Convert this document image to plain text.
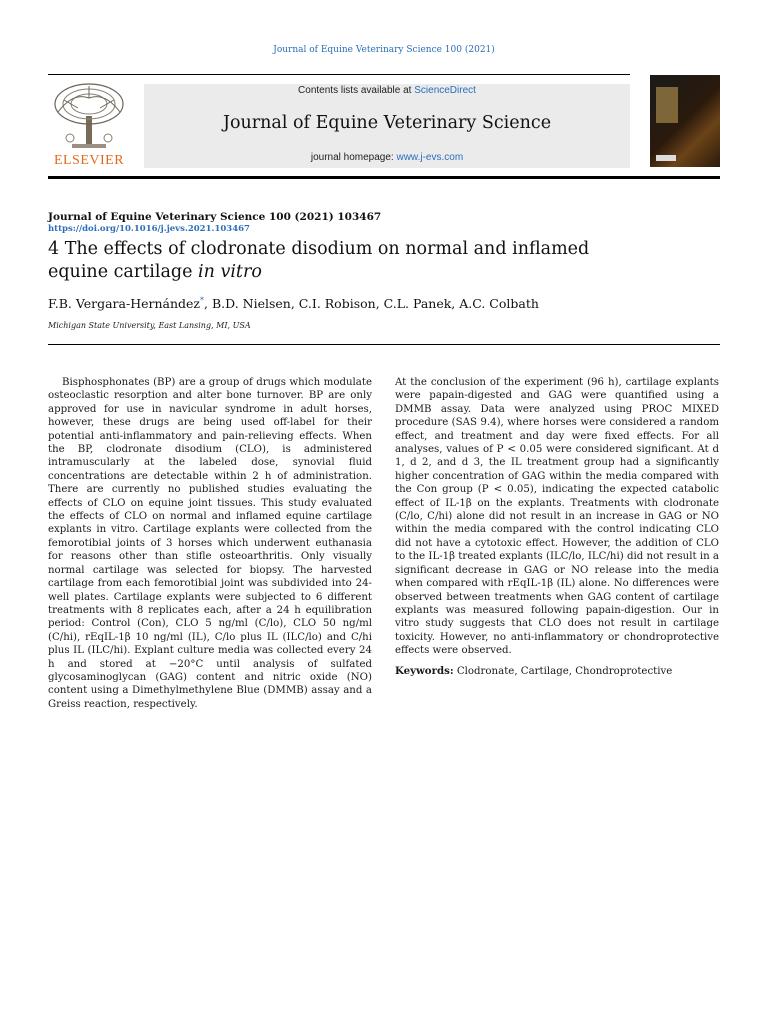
Journal of Equine Veterinary Science 100 (2021)
ELSEVIER
Contents lists available at ScienceDirect
Journal of Equine Veterinary Science
journal homepage: www.j-evs.com
Journal of Equine Veterinary Science 100 (2021) 103467
https://doi.org/10.1016/j.jevs.2021.103467
4 The effects of clodronate disodium on normal and inflamed equine cartilage in vitro
F.B. Vergara-Hernández*, B.D. Nielsen, C.I. Robison, C.L. Panek, A.C. Colbath
Michigan State University, East Lansing, MI, USA
Bisphosphonates (BP) are a group of drugs which modulate osteoclastic resorption and alter bone turnover. BP are only approved for use in navicular syndrome in adult horses, however, these drugs are being used off-label for their potential anti-inflammatory and pain-relieving effects. When the BP, clodronate disodium (CLO), is administered intramuscularly at the labeled dose, synovial fluid concentrations are detectable within 2 h of administration. There are currently no published studies evaluating the effects of CLO on equine joint tissues. This study evaluated the effects of CLO on normal and inflamed equine cartilage explants in vitro. Cartilage explants were collected from the femorotibial joints of 3 horses which underwent euthanasia for reasons other than stifle osteoarthritis. Only visually normal cartilage was selected for biopsy. The harvested cartilage from each femorotibial joint was subdivided into 24-well plates. Cartilage explants were subjected to 6 different treatments with 8 replicates each, after a 24 h equilibration period: Control (Con), CLO 5 ng/ml (C/lo), CLO 50 ng/ml (C/hi), rEqIL-1β 10 ng/ml (IL), C/lo plus IL (ILC/lo) and C/hi plus IL (ILC/hi). Explant culture media was collected every 24 h and stored at −20°C until analysis of sulfated glycosaminoglycan (GAG) content and nitric oxide (NO) content using a Dimethylmethylene Blue (DMMB) assay and a Greiss reaction, respectively.
At the conclusion of the experiment (96 h), cartilage explants were papain-digested and GAG were quantified using a DMMB assay. Data were analyzed using PROC MIXED procedure (SAS 9.4), where horses were considered a random effect, and treatment and day were fixed effects. For all analyses, values of P < 0.05 were considered significant. At d 1, d 2, and d 3, the IL treatment group had a significantly higher concentration of GAG within the media compared with the Con group (P < 0.05), indicating the expected catabolic effect of IL-1β on the explants. Treatments with clodronate (C/lo, C/hi) alone did not result in an increase in GAG or NO within the media compared with the control indicating CLO did not have a cytotoxic effect. However, the addition of CLO to the IL-1β treated explants (ILC/lo, ILC/hi) did not result in a significant decrease in GAG or NO release into the media when compared with rEqIL-1β (IL) alone. No differences were observed between treatments when GAG content of cartilage explants was measured following papain-digestion. Our in vitro study suggests that CLO does not result in cartilage toxicity. However, no anti-inflammatory or chondroprotective effects were observed.
Keywords: Clodronate, Cartilage, Chondroprotective
